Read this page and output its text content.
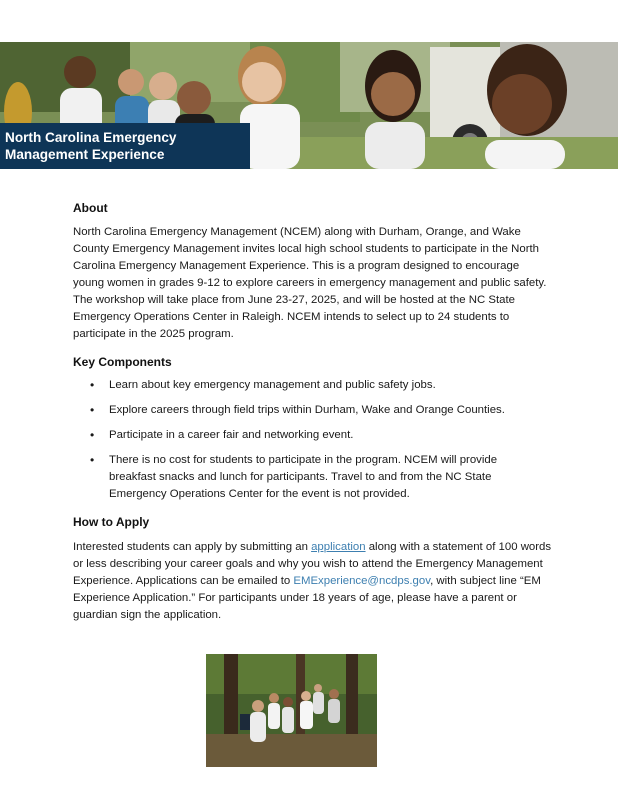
North Carolina Emergency
Management Experience
About

North Carolina Emergency Management (NCEM) along with Durham, Orange, and Wake County Emergency Management invites local high school students to participate in the North Carolina Emergency Management Experience. This is a program designed to encourage young women in grades 9-12 to explore careers in emergency management and public safety. The workshop will take place from June 23-27, 2025, and will be hosted at the NC State Emergency Operations Center in Raleigh. NCEM intends to select up to 24 students to participate in the 2025 program.

Key Components
• Learn about key emergency management and public safety jobs.
• Explore careers through field trips within Durham, Wake and Orange Counties.
• Participate in a career fair and networking event.
• There is no cost for students to participate in the program. NCEM will provide breakfast snacks and lunch for participants. Travel to and from the NC State Emergency Operations Center for the event is not provided.
How to Apply

Interested students can apply by submitting an application along with a statement of 100 words or less describing your career goals and why you wish to attend the Emergency Management Experience. Applications can be emailed to EMExperience@ncdps.gov, with subject line “EM Experience Application.” For participants under 18 years of age, please have a parent or guardian sign the application.
